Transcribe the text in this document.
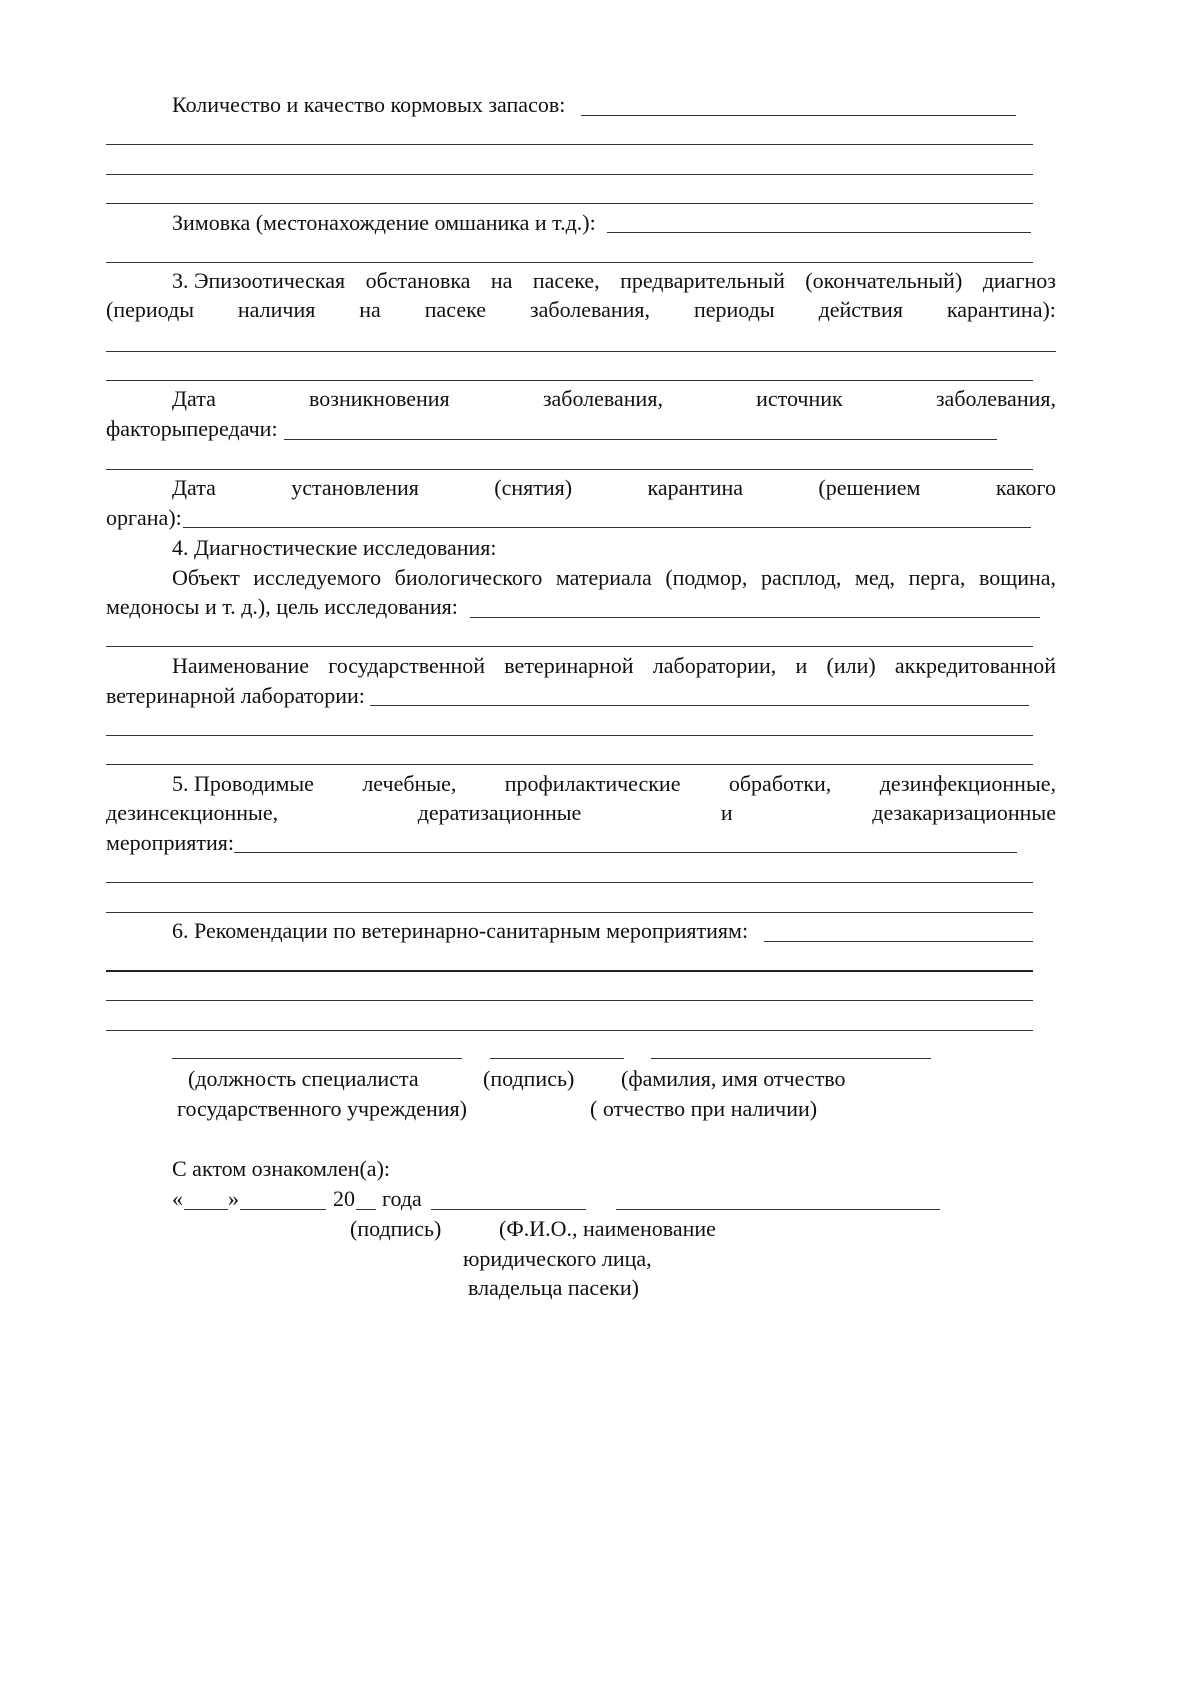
Количество и качество кормовых запасов:
Зимовка (местонахождение омшаника и т.д.):
3. Эпизоотическая обстановка на пасеке, предварительный (окончательный) диагноз
(периоды наличия на пасеке заболевания, периоды действия карантина):
Дата	возникновения	заболевания,	источник	заболевания,
факторыпередачи:
Дата	установления	(снятия)	карантина	(решением	какого
органа):
4. Диагностические исследования:
Объект исследуемого биологического материала (подмор, расплод, мед, перга, вощина,
медоносы и т. д.), цель исследования:
Наименование государственной ветеринарной лаборатории, и (или) аккредитованной
ветеринарной лаборатории:
5. Проводимые лечебные, профилактические обработки, дезинфекционные,
дезинсекционные,	дератизационные	и	дезакаризационные
мероприятия:
6. Рекомендации по ветеринарно-санитарным мероприятиям:
(должность специалиста	(подпись) (фамилия, имя отчество
государственного учреждения)	( отчество при наличии)
С актом ознакомлен(а):
« »	20 года
(подпись)	(Ф.И.О., наименование
юридического лица,
владельца пасеки)
